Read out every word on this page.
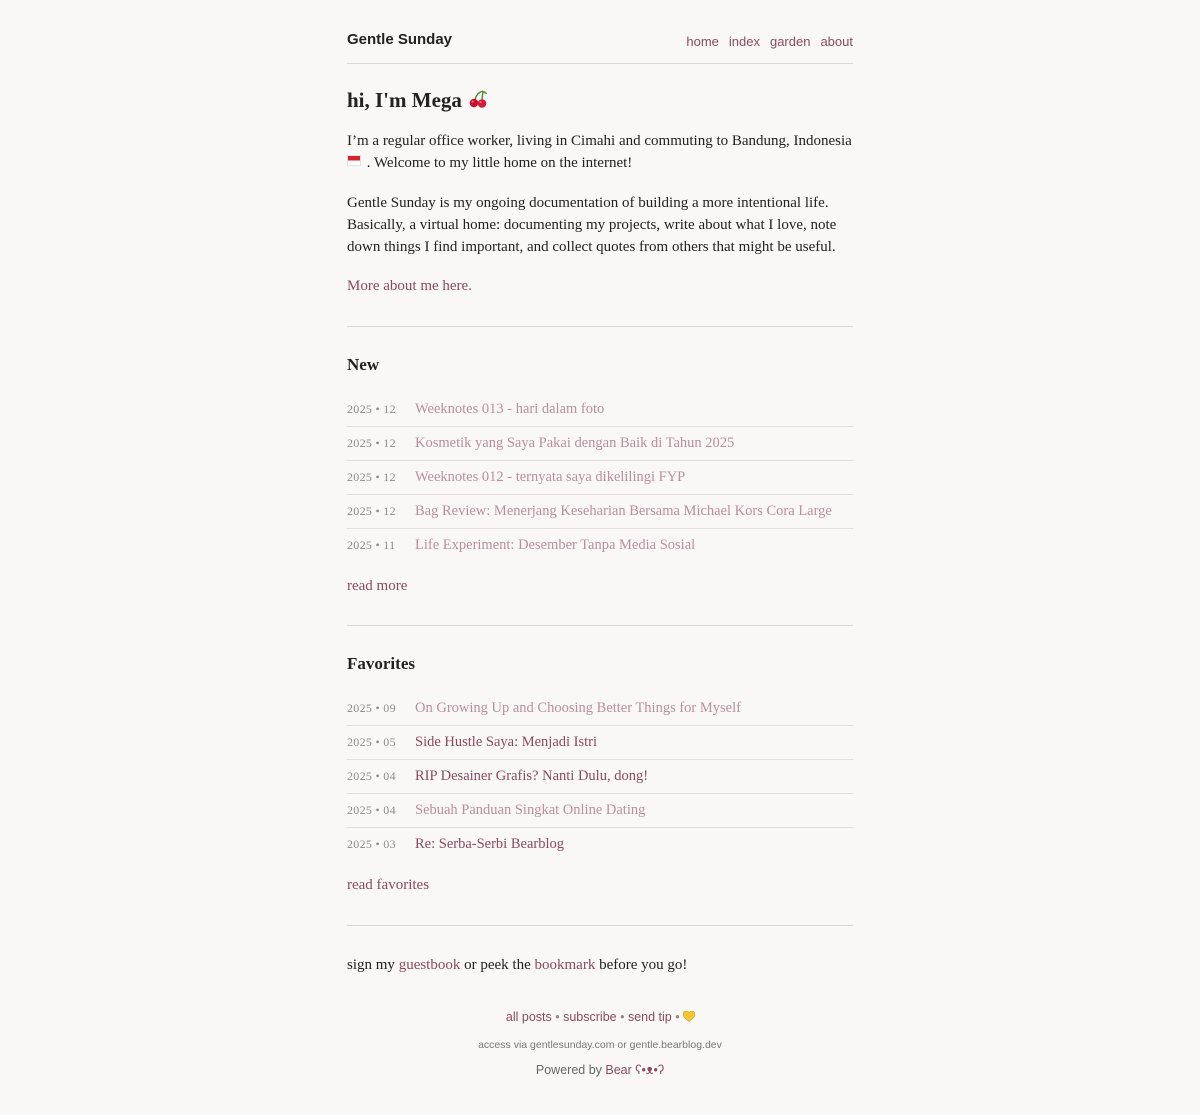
Gentle Sunday	home index garden about
hi, I'm Mega

I’m a regular office worker, living in Cimahi and commuting to Bandung, Indonesia  . Welcome to my little home on the internet!

Gentle Sunday is my ongoing documentation of building a more intentional life. Basically, a virtual home: documenting my projects, write about what I love, note down things I find important, and collect quotes from others that might be useful.

More about me here.
New
2025 • 12	Weeknotes 013 - hari dalam foto
2025 • 12	Kosmetik yang Saya Pakai dengan Baik di Tahun 2025
2025 • 12	Weeknotes 012 - ternyata saya dikelilingi FYP
2025 • 12	Bag Review: Menerjang Keseharian Bersama Michael Kors Cora Large
2025 • 11	Life Experiment: Desember Tanpa Media Sosial
read more
Favorites
2025 • 09	On Growing Up and Choosing Better Things for Myself
2025 • 05	Side Hustle Saya: Menjadi Istri
2025 • 04	RIP Desainer Grafis? Nanti Dulu, dong!
2025 • 04	Sebuah Panduan Singkat Online Dating
2025 • 03	Re: Serba-Serbi Bearblog
read favorites

sign my guestbook or peek the bookmark before you go!

all posts • subscribe • send tip •
access via gentlesunday.com or gentle.bearblog.dev
Powered by Bear ʕ•ᴥ•ʔ
